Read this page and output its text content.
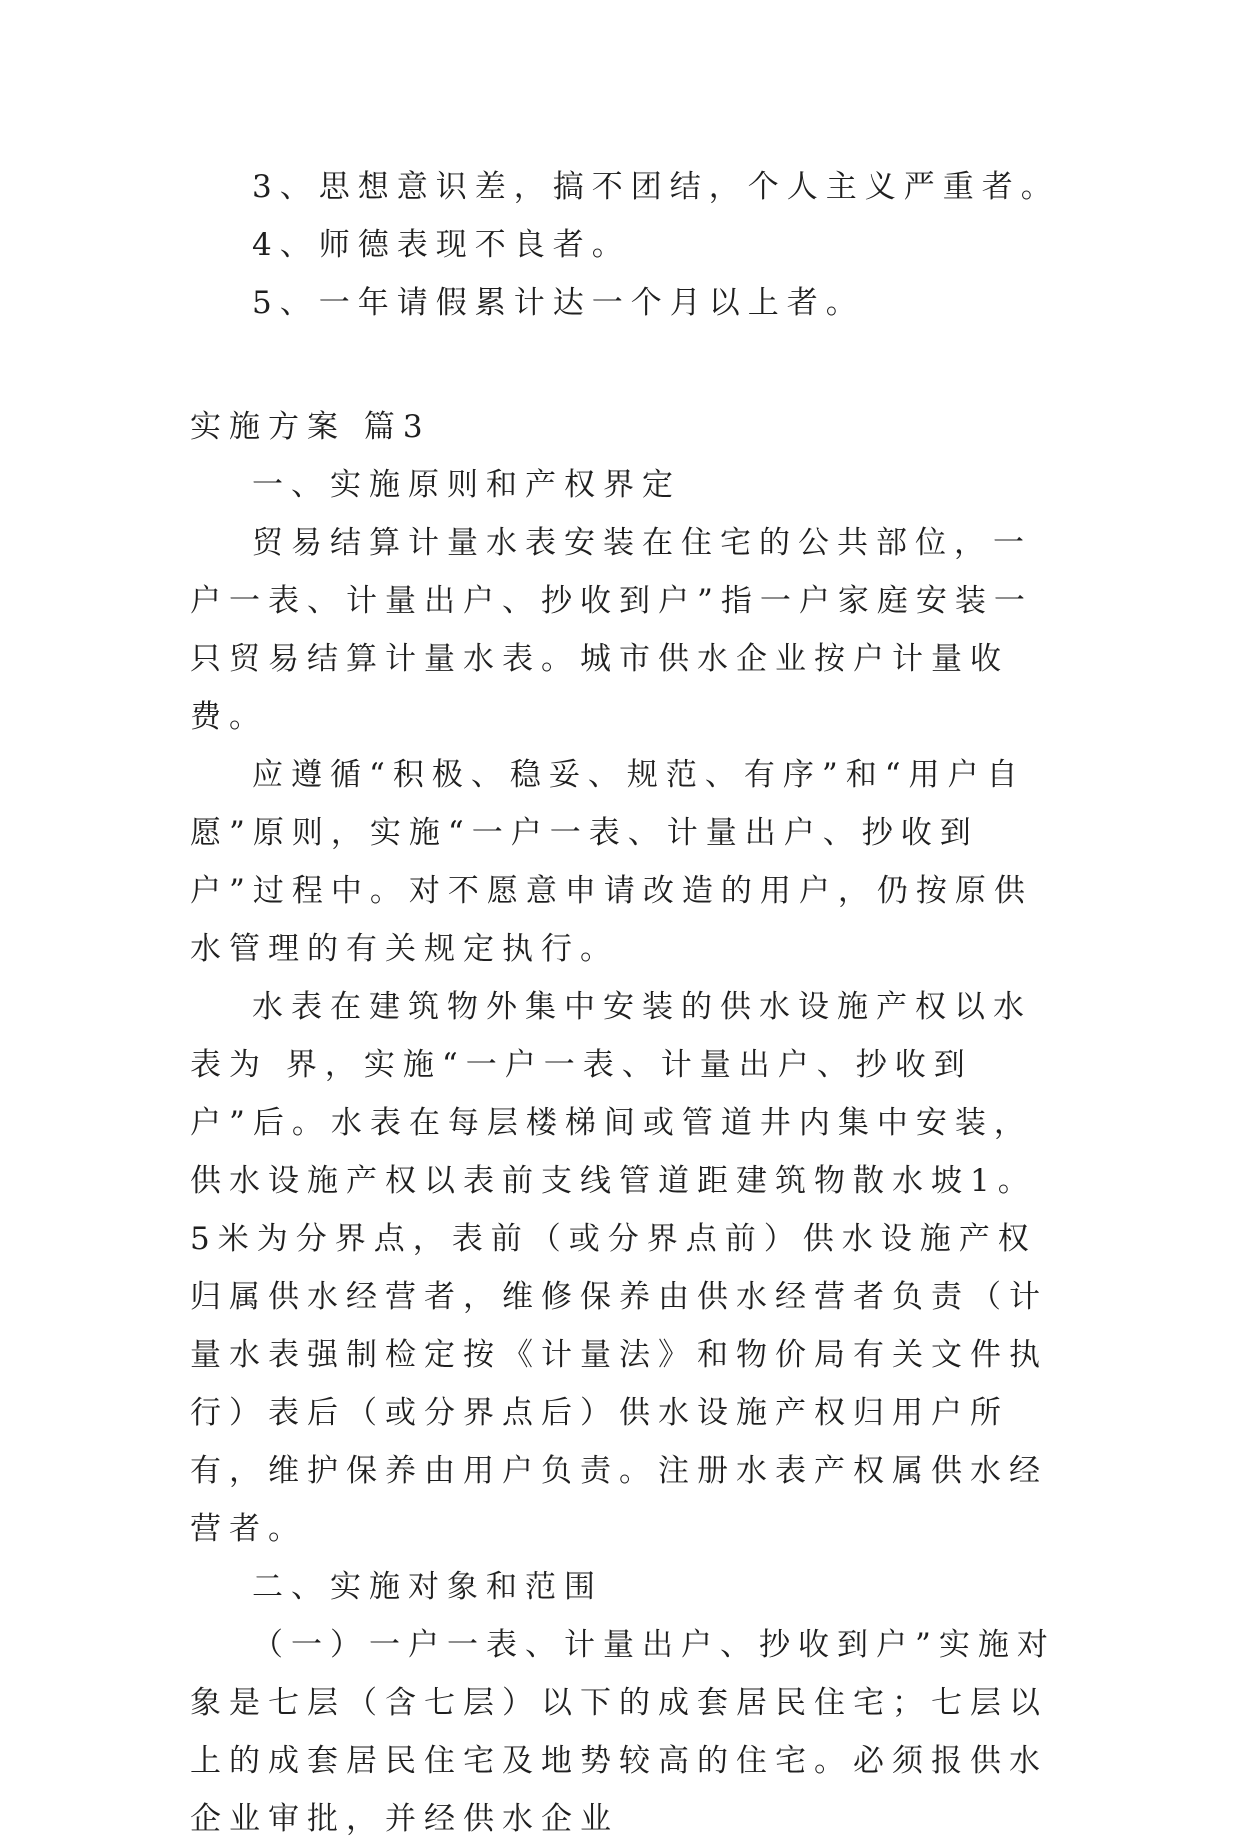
3、思想意识差，搞不团结，个人主义严重者。
4、师德表现不良者。
5、一年请假累计达一个月以上者。

实施方案 篇3

一、实施原则和产权界定

贸易结算计量水表安装在住宅的公共部位，一户一表、计量出户、抄收到户”指一户家庭安装一只贸易结算计量水表。城市供水企业按户计量收费。

应遵循“积极、稳妥、规范、有序”和“用户自愿”原则，实施“一户一表、计量出户、抄收到户”过程中。对不愿意申请改造的用户，仍按原供水管理的有关规定执行。

水表在建筑物外集中安装的供水设施产权以水表为 界，实施“一户一表、计量出户、抄收到户”后。水表在每层楼梯间或管道井内集中安装，供水设施产权以表前支线管道距建筑物散水坡1。5米为分界点，表前（或分界点前）供水设施产权归属供水经营者，维修保养由供水经营者负责（计量水表强制检定按《计量法》和物价局有关文件执行）表后（或分界点后）供水设施产权归用户所有，维护保养由用户负责。注册水表产权属供水经营者。

二、实施对象和范围

（一）一户一表、计量出户、抄收到户”实施对象是七层（含七层）以下的成套居民住宅；七层以上的成套居民住宅及地势较高的住宅。必须报供水企业审批，并经供水企业
